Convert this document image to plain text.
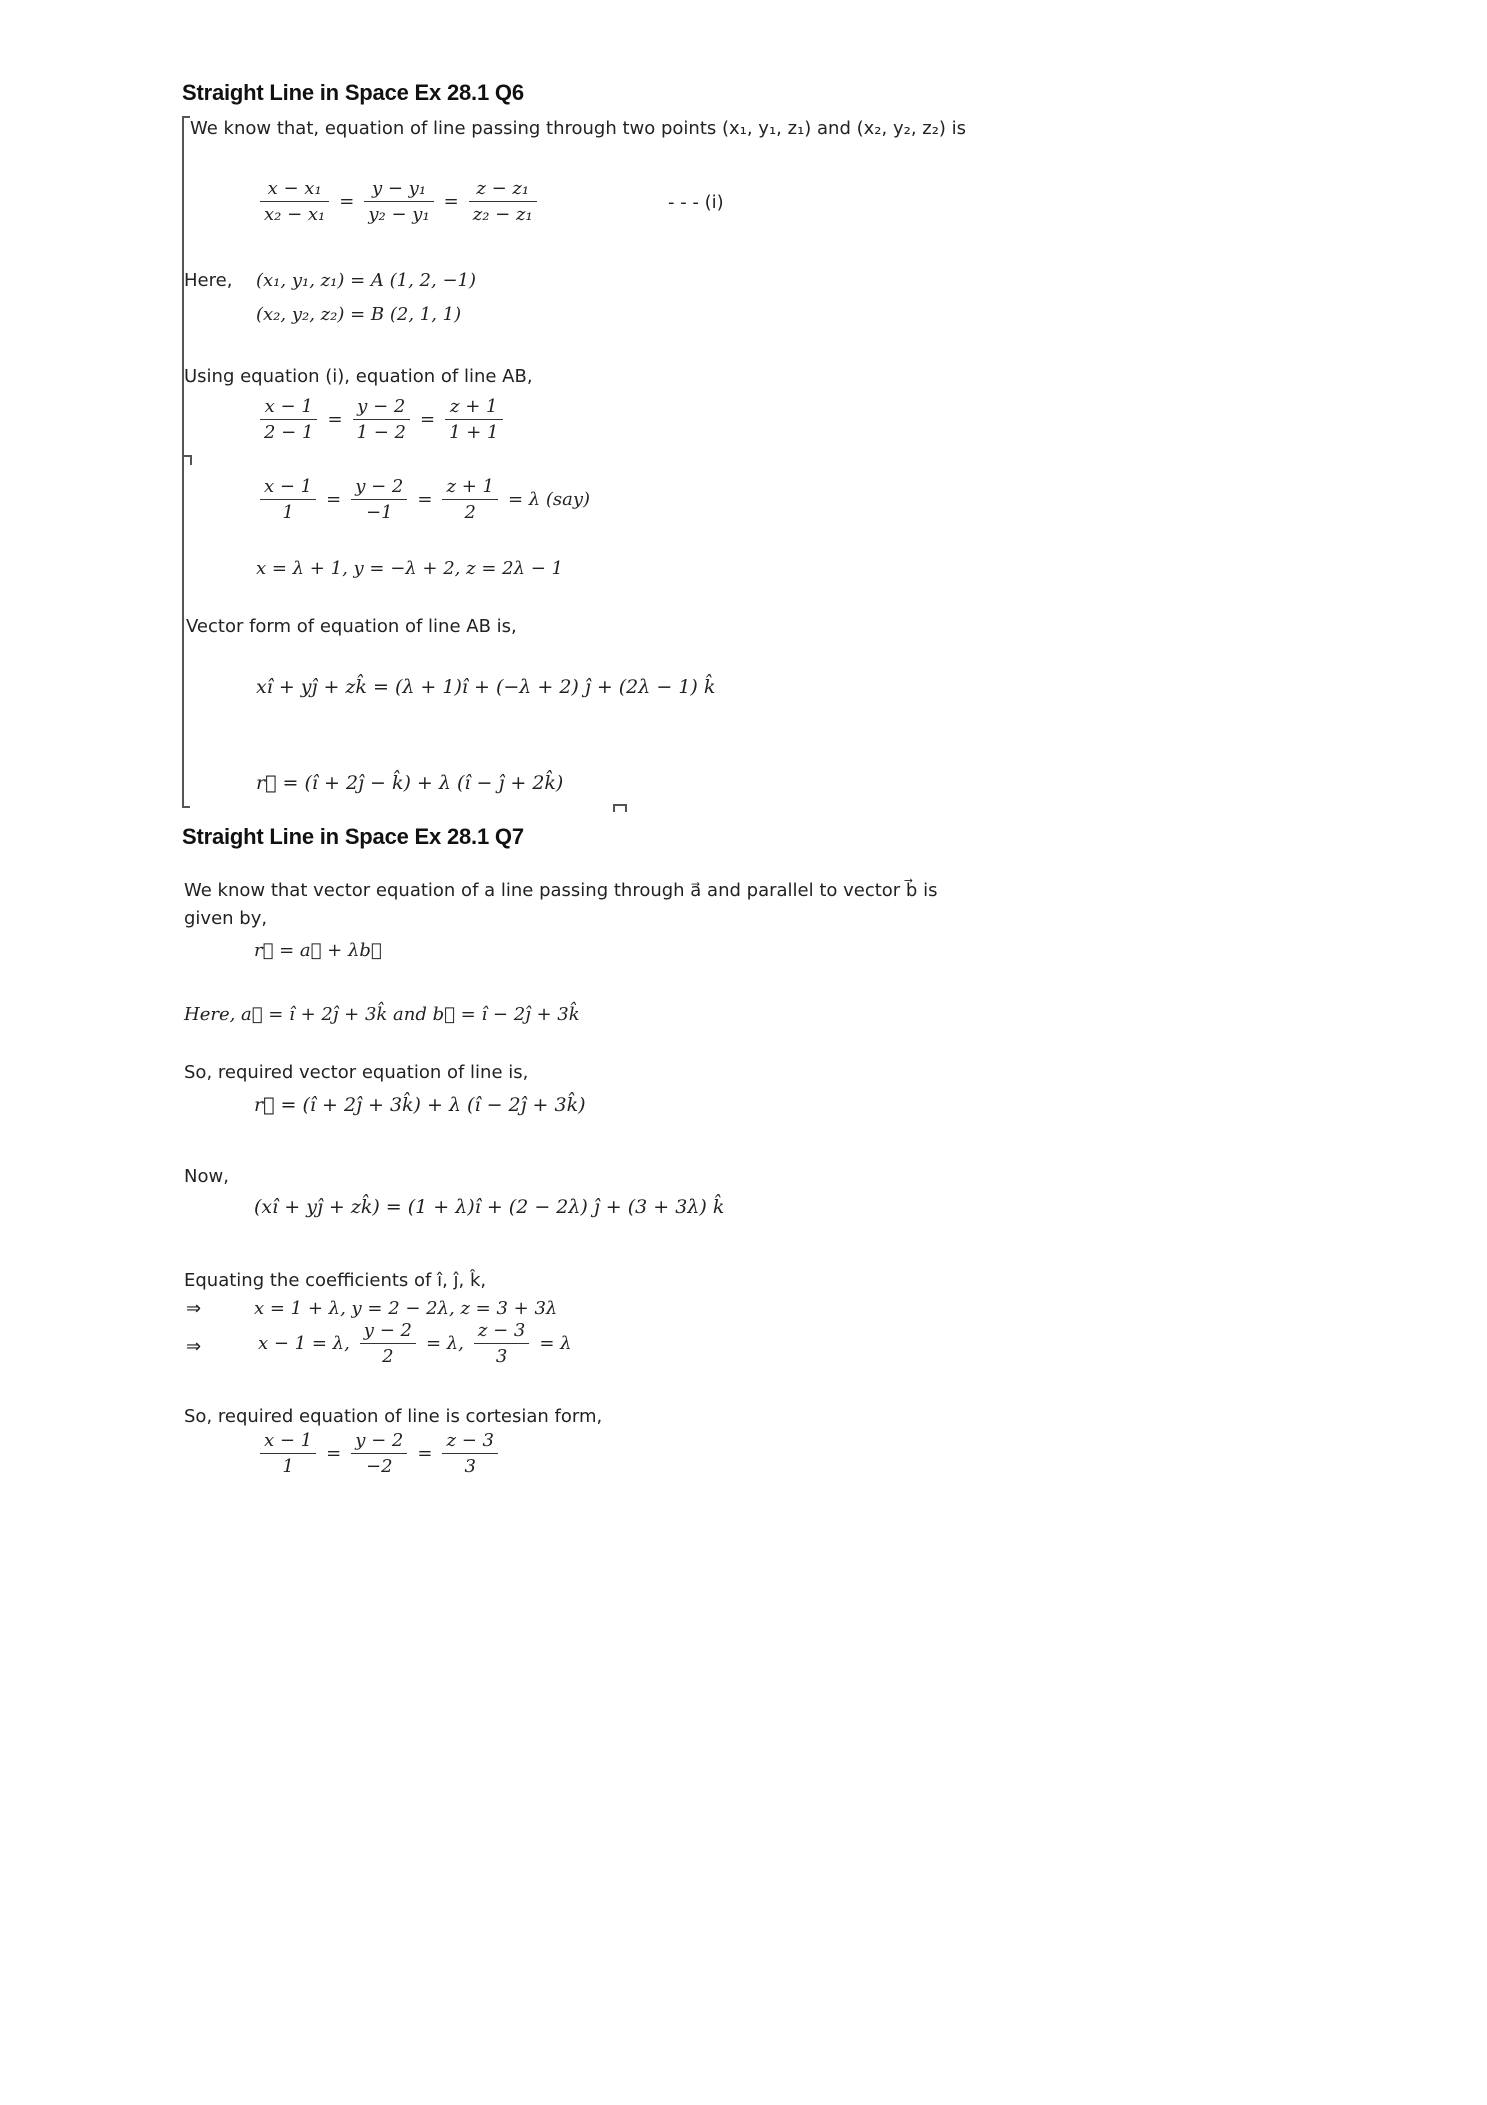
Straight Line in Space Ex 28.1 Q6
We know that, equation of line passing through two points (x₁, y₁, z₁) and (x₂, y₂, z₂) is
$\frac{\text{x − x₁}}{\text{x₂ − x₁}} = \frac{\text{y − y₁}}{\text{y₂ − y₁}} = \frac{\text{z − z₁}}{\text{z₂ − z₁}}$	- - - (i)
Here, (x₁, y₁, z₁) = A (1, 2, −1)
(x₂, y₂, z₂) = B (2, 1, 1)
Using equation (i), equation of line AB,
$\frac{x - 1}{2 - 1} = \frac{y - 2}{1 - 2} = \frac{z + 1}{1 + 1}$
$\frac{x - 1}{1} = \frac{y - 2}{-1} = \frac{z + 1}{2} = \lambda$ (say)
x = λ + 1, y = −λ + 2, z = 2λ − 1
Vector form of equation of line AB is,
xî + yĵ + zk̂ = (λ + 1)î + (−λ + 2) ĵ + (2λ − 1) k̂
r⃗ = (î + 2ĵ − k̂) + λ (î − ĵ + 2k̂)
Straight Line in Space Ex 28.1 Q7
We know that vector equation of a line passing through a⃗ and parallel to vector b⃗ is
given by,
r⃗ = a⃗ + λb⃗
Here, a⃗ = î + 2ĵ + 3k̂ and b⃗ = î − 2ĵ + 3k̂
So, required vector equation of line is,
r⃗ = (î + 2ĵ + 3k̂) + λ (î − 2ĵ + 3k̂)
Now,
(xî + yĵ + zk̂) = (1 + λ)î + (2 − 2λ) ĵ + (3 + 3λ) k̂
Equating the coefficients of î, ĵ, k̂,
⇒	x = 1 + λ, y = 2 − 2λ, z = 3 + 3λ
⇒	x − 1 = λ, $\frac{y - 2}{2} = \lambda$, $\frac{z - 3}{3} = \lambda$
So, required equation of line is cortesian form,
$\frac{x - 1}{1} = \frac{y - 2}{-2} = \frac{z - 3}{3}$
